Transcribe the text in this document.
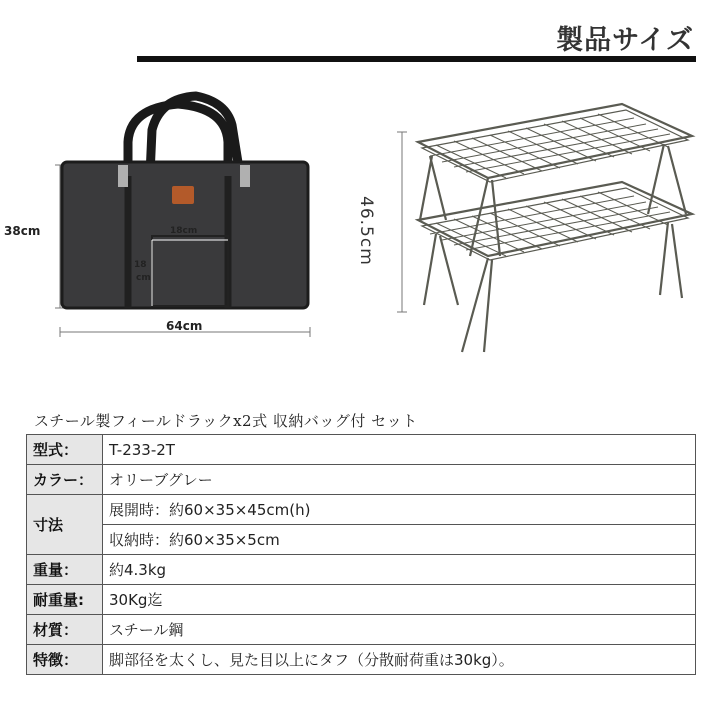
製品サイズ
38cm
64cm
18cm
18
cm
46.5cm
スチール製フィールドラックx2式 収納バッグ付 セット
型式：	T-233-2T
カラー：	オリーブグレー
寸法	展開時：約60×35×45cm(h)
	収納時：約60×35×5cm
重量：	約4.3kg
耐重量:	30Kg迄
材質：	スチール鋼
特徴：	脚部径を太くし、見た目以上にタフ（分散耐荷重は30kg）。
